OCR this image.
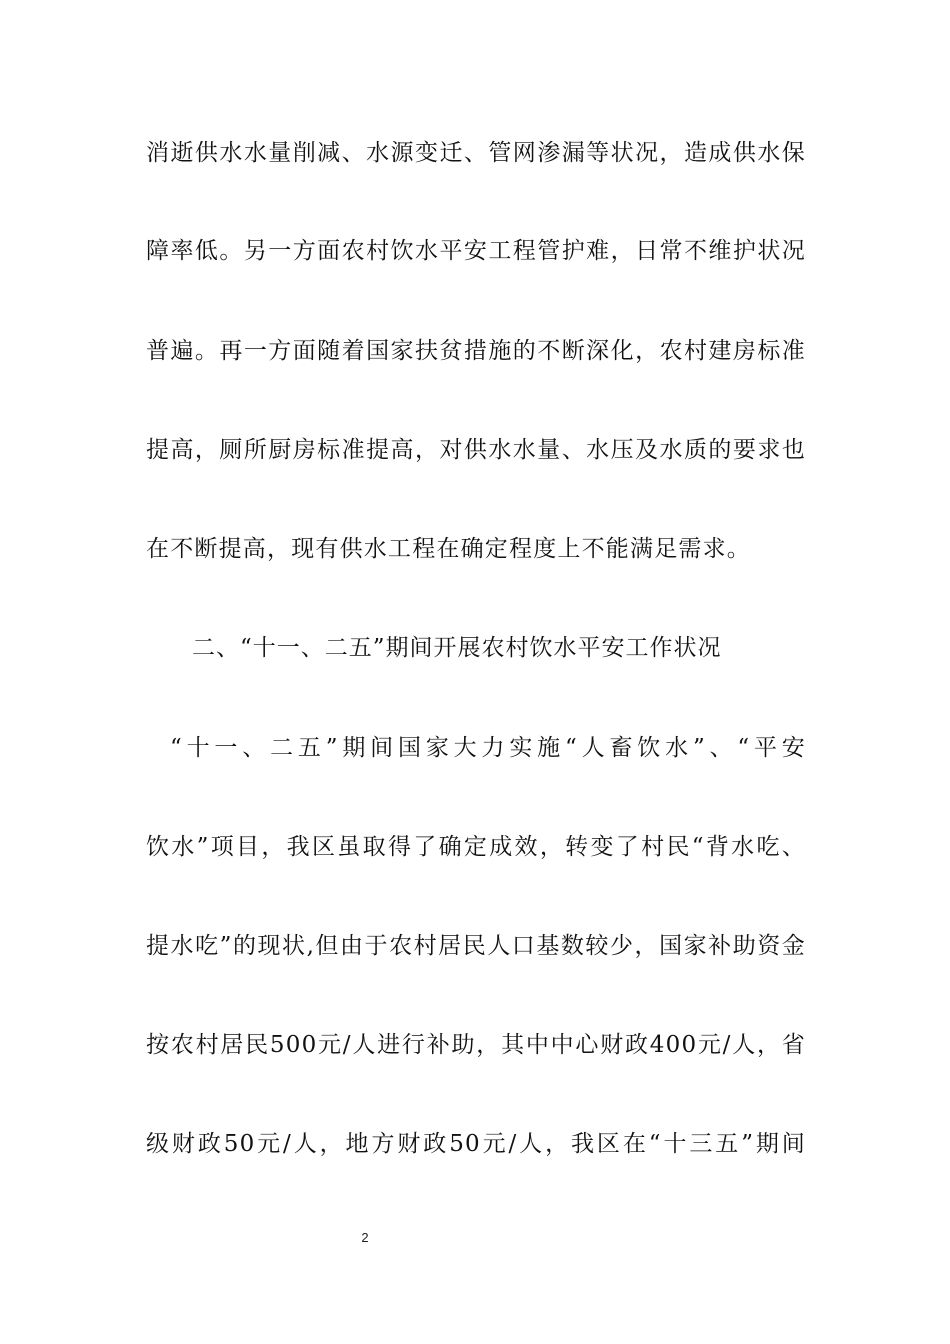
消逝供水水量削减、水源变迁、管网渗漏等状况，造成供水保
障率低。另一方面农村饮水平安工程管护难，日常不维护状况
普遍。再一方面随着国家扶贫措施的不断深化，农村建房标准
提高，厕所厨房标准提高，对供水水量、水压及水质的要求也
在不断提高，现有供水工程在确定程度上不能满足需求。
二、“十一、二五”期间开展农村饮水平安工作状况
“十一、二五”期间国家大力实施“人畜饮水”、“平安
饮水”项目，我区虽取得了确定成效，转变了村民“背水吃、
提水吃”的现状,但由于农村居民人口基数较少，国家补助资金
按农村居民500元/人进行补助，其中中心财政400元/人，省
级财政50元/人，地方财政50元/人，我区在“十三五”期间
2
